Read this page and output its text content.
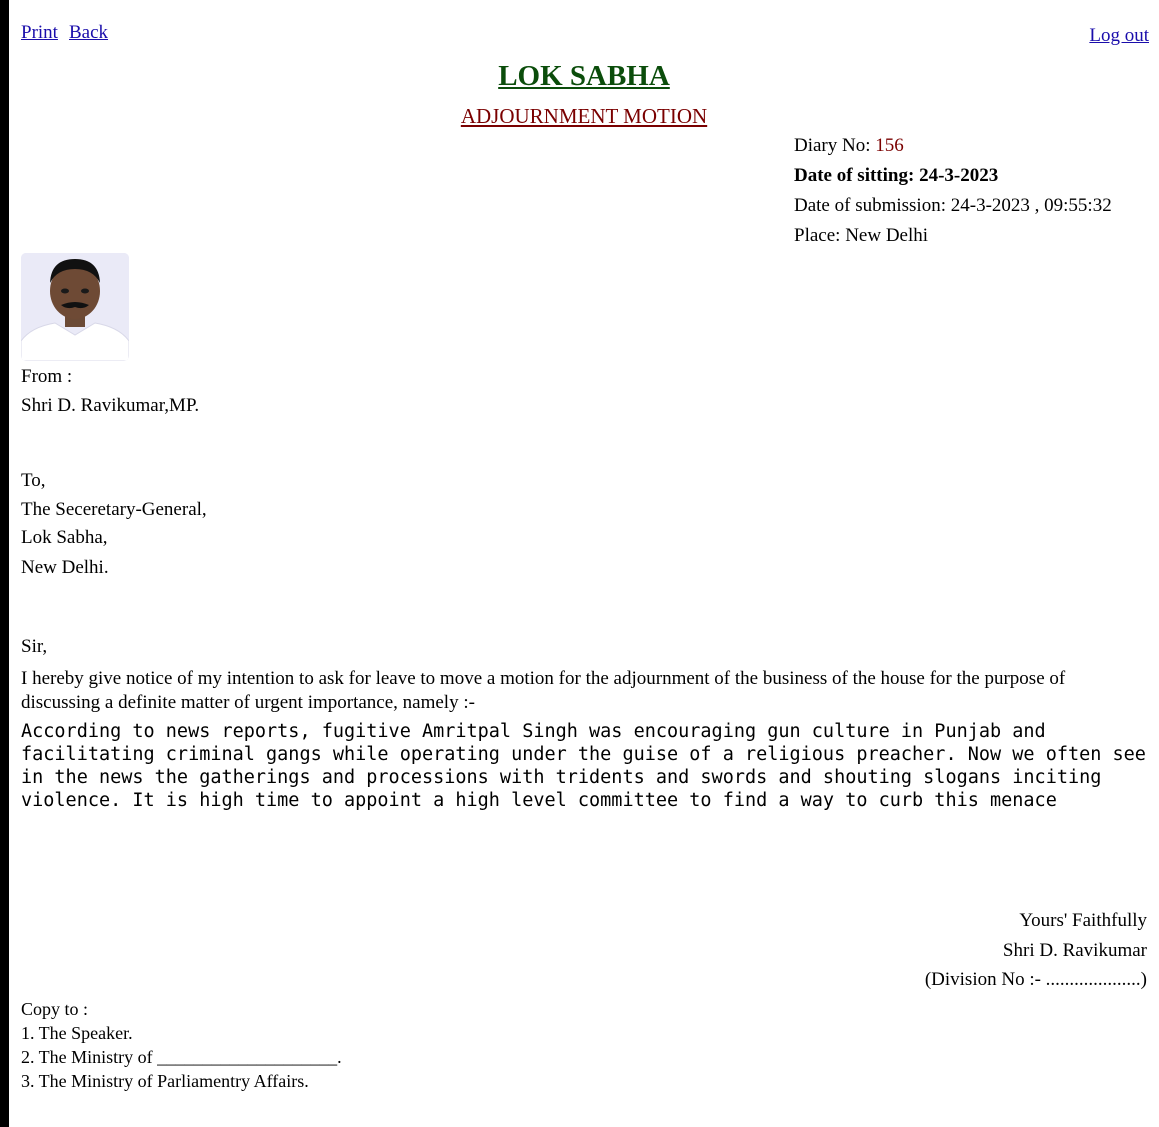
Print Back	Log out
LOK SABHA
ADJOURNMENT MOTION
Diary No: 156
Date of sitting: 24-3-2023
Date of submission: 24-3-2023 , 09:55:32
Place: New Delhi
From :
Shri D. Ravikumar,MP.
To,
The Seceretary-General,
Lok Sabha,
New Delhi.
Sir,
I hereby give notice of my intention to ask for leave to move a motion for the adjournment of the business of the house for the purpose of discussing a definite matter of urgent importance, namely :-
According to news reports, fugitive Amritpal Singh was encouraging gun culture in Punjab and facilitating criminal gangs while operating under the guise of a religious preacher. Now we often see in the news the gatherings and processions with tridents and swords and shouting slogans inciting violence. It is high time to appoint a high level committee to find a way to curb this menace
Yours' Faithfully
Shri D. Ravikumar
(Division No :- ....................)
Copy to :
1. The Speaker.
2. The Ministry of ____________________.
3. The Ministry of Parliamentry Affairs.
